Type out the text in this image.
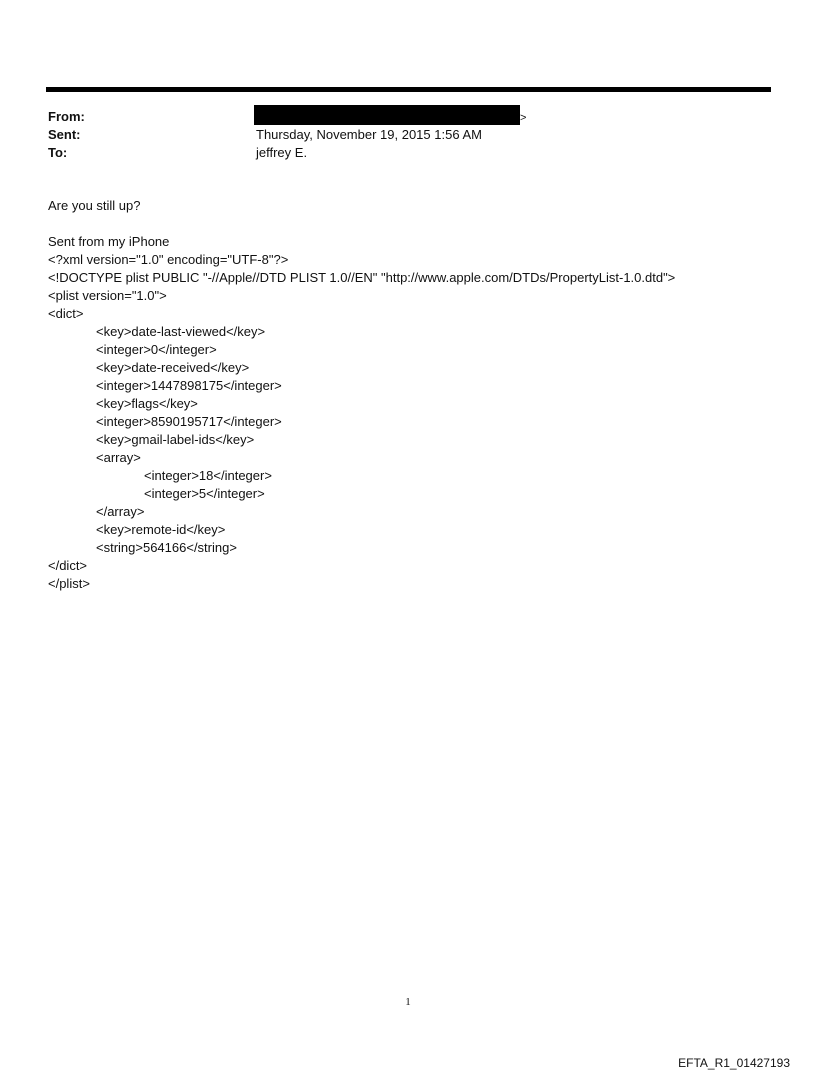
From:	>
Sent:	Thursday, November 19, 2015 1:56 AM
To:	jeffrey E.
Are you still up?
Sent from my iPhone
<?xml version="1.0" encoding="UTF-8"?>
<!DOCTYPE plist PUBLIC "-//Apple//DTD PLIST 1.0//EN" "http://www.apple.com/DTDs/PropertyList-1.0.dtd">
<plist version="1.0">
<dict>
<key>date-last-viewed</key>
<integer>0</integer>
<key>date-received</key>
<integer>1447898175</integer>
<key>flags</key>
<integer>8590195717</integer>
<key>gmail-label-ids</key>
<array>
<integer>18</integer>
<integer>5</integer>
</array>
<key>remote-id</key>
<string>564166</string>
</dict>
</plist>
1
EFTA_R1_01427193
